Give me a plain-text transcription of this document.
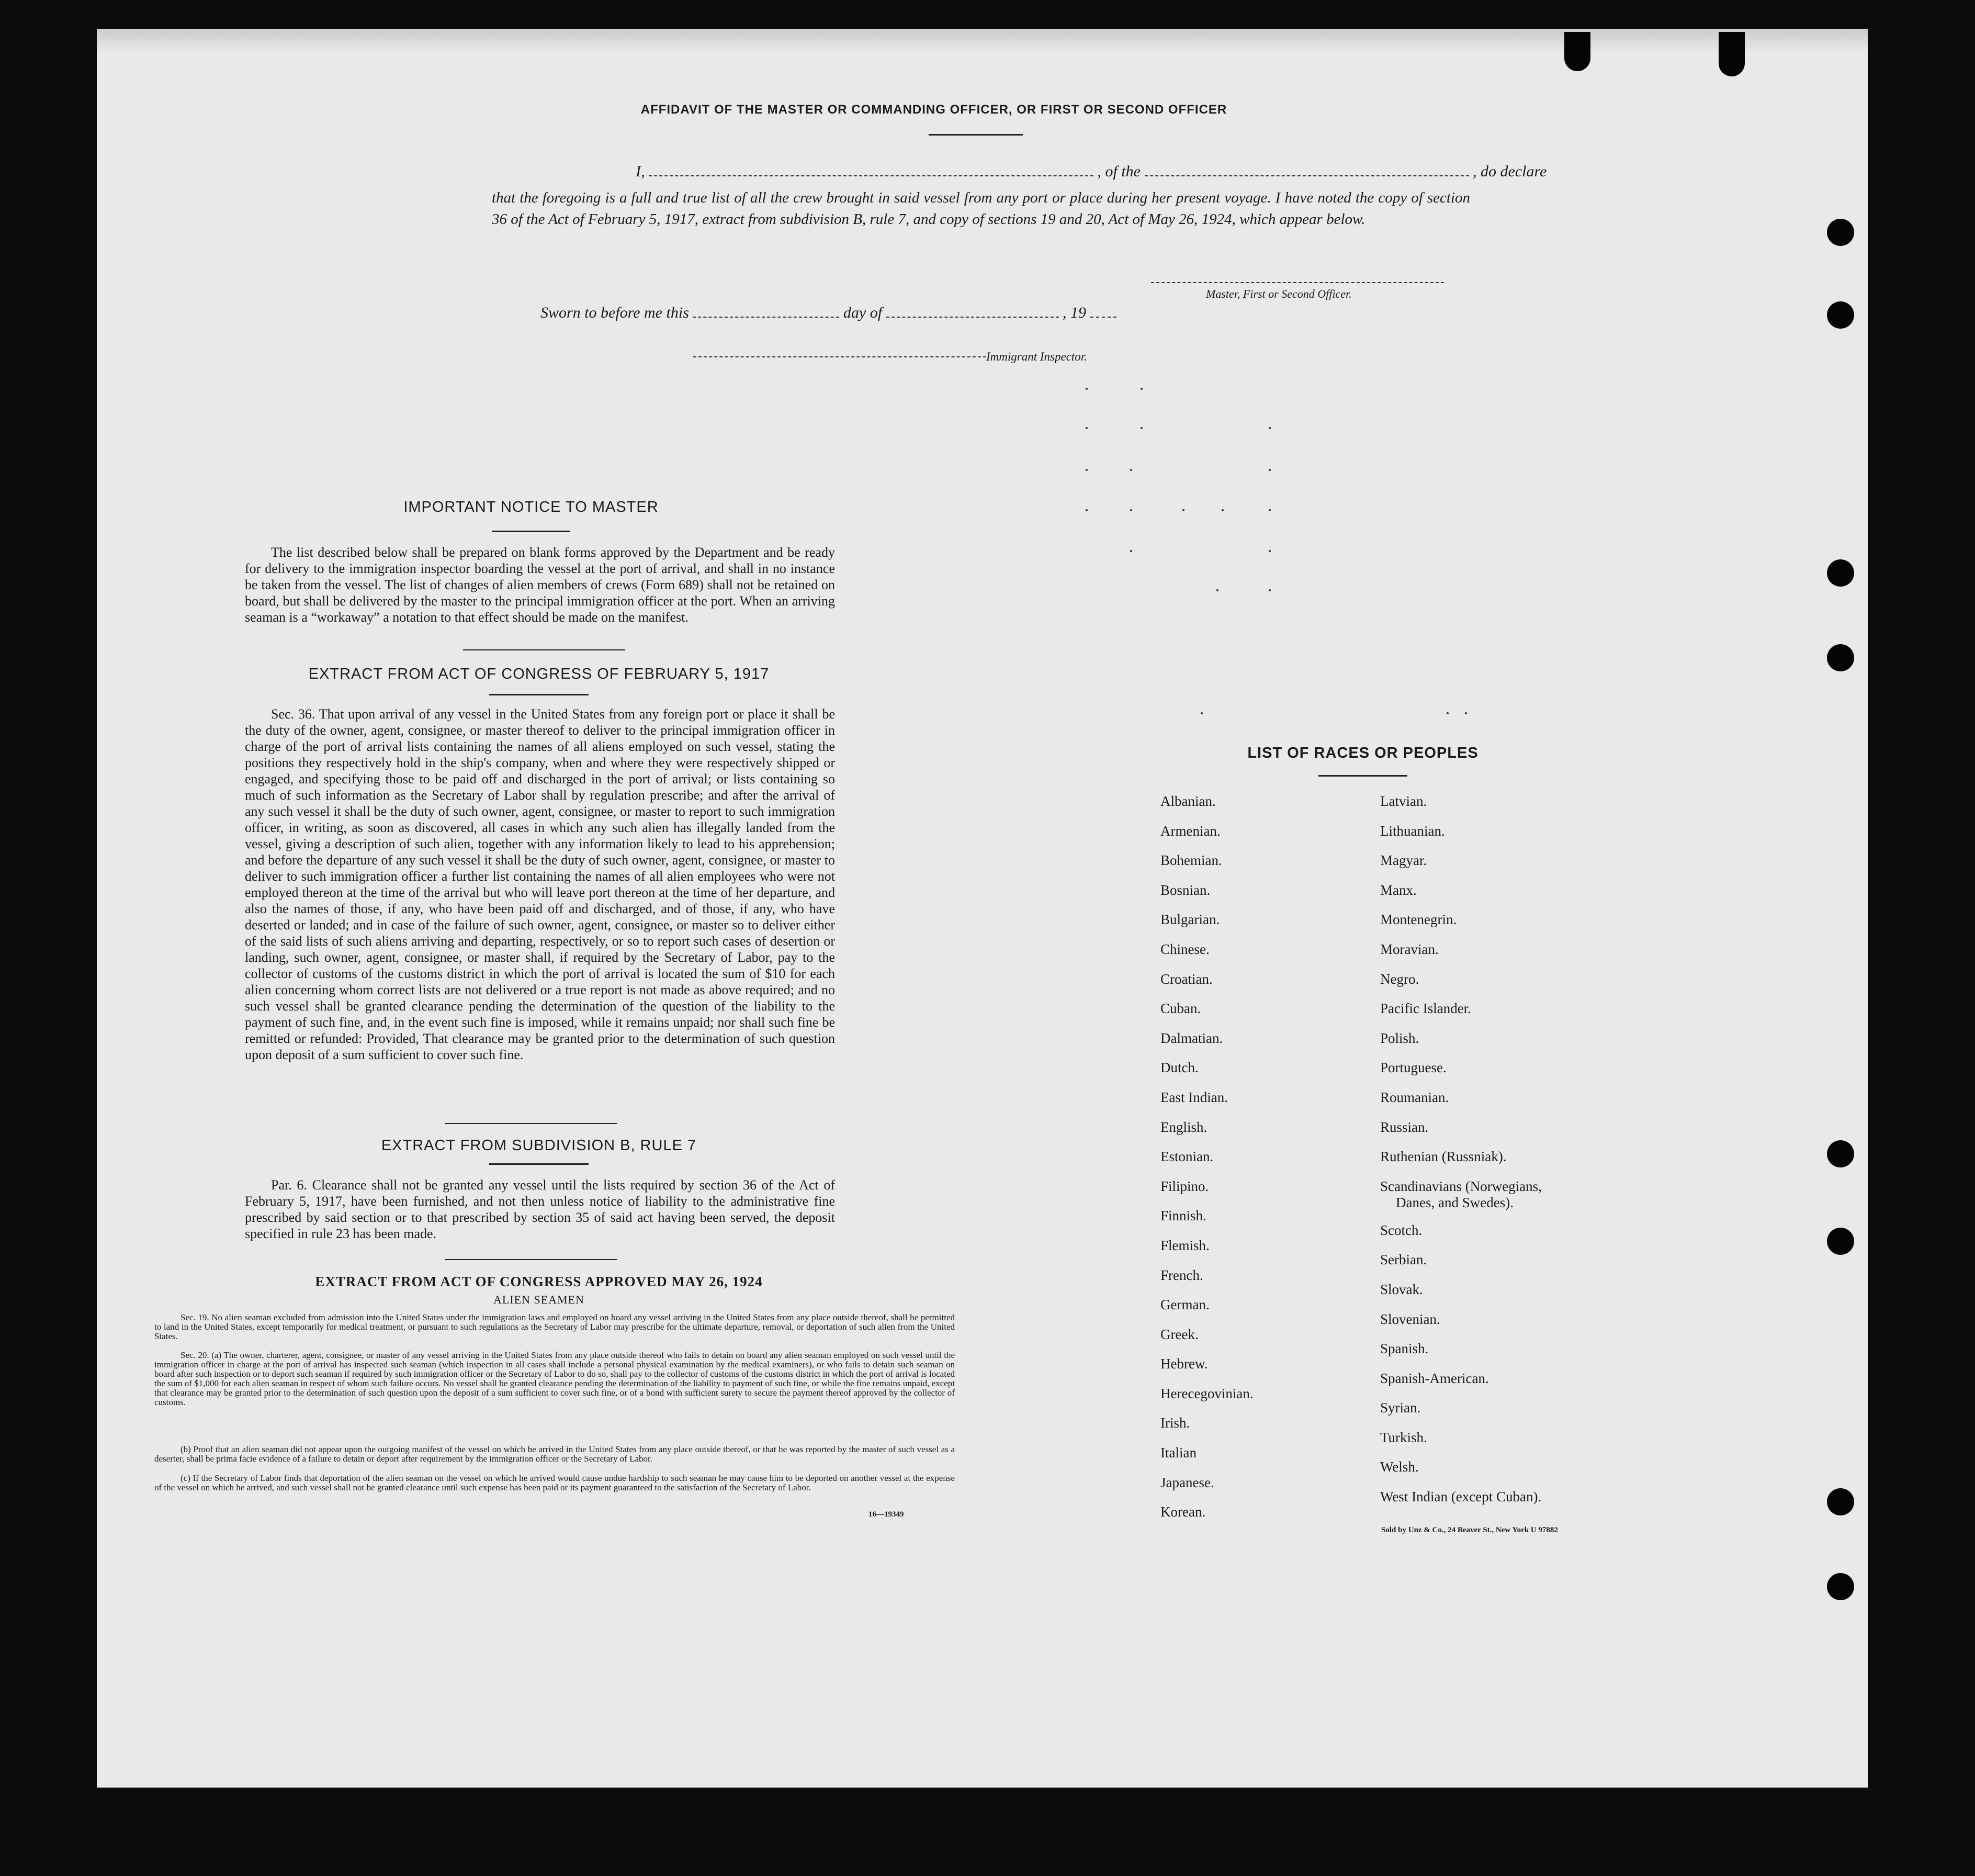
AFFIDAVIT OF THE MASTER OR COMMANDING OFFICER, OR FIRST OR SECOND OFFICER
I,	, of the	, do declare
that the foregoing is a full and true list of all the crew brought in said vessel from any port or place during her present voyage. I have noted the copy of section 36 of the Act of February 5, 1917, extract from subdivision B, rule 7, and copy of sections 19 and 20, Act of May 26, 1924, which appear below.
Master, First or Second Officer.
Sworn to before me this	day of	, 19
Immigrant Inspector.
IMPORTANT NOTICE TO MASTER
The list described below shall be prepared on blank forms approved by the Department and be ready for delivery to the immigration inspector boarding the vessel at the port of arrival, and shall in no instance be taken from the vessel. The list of changes of alien members of crews (Form 689) shall not be retained on board, but shall be delivered by the master to the principal immigration officer at the port. When an arriving seaman is a “workaway” a notation to that effect should be made on the manifest.
EXTRACT FROM ACT OF CONGRESS OF FEBRUARY 5, 1917
Sec. 36. That upon arrival of any vessel in the United States from any foreign port or place it shall be the duty of the owner, agent, consignee, or master thereof to deliver to the principal immigration officer in charge of the port of arrival lists containing the names of all aliens employed on such vessel, stating the positions they respectively hold in the ship's company, when and where they were respectively shipped or engaged, and specifying those to be paid off and discharged in the port of arrival; or lists containing so much of such information as the Secretary of Labor shall by regulation prescribe; and after the arrival of any such vessel it shall be the duty of such owner, agent, consignee, or master to report to such immigration officer, in writing, as soon as discovered, all cases in which any such alien has illegally landed from the vessel, giving a description of such alien, together with any information likely to lead to his apprehension; and before the departure of any such vessel it shall be the duty of such owner, agent, consignee, or master to deliver to such immigration officer a further list containing the names of all alien employees who were not employed thereon at the time of the arrival but who will leave port thereon at the time of her departure, and also the names of those, if any, who have been paid off and discharged, and of those, if any, who have deserted or landed; and in case of the failure of such owner, agent, consignee, or master so to deliver either of the said lists of such aliens arriving and departing, respectively, or so to report such cases of desertion or landing, such owner, agent, consignee, or master shall, if required by the Secretary of Labor, pay to the collector of customs of the customs district in which the port of arrival is located the sum of $10 for each alien concerning whom correct lists are not delivered or a true report is not made as above required; and no such vessel shall be granted clearance pending the determination of the question of the liability to the payment of such fine, and, in the event such fine is imposed, while it remains unpaid; nor shall such fine be remitted or refunded: Provided, That clearance may be granted prior to the determination of such question upon deposit of a sum sufficient to cover such fine.
EXTRACT FROM SUBDIVISION B, RULE 7
Par. 6. Clearance shall not be granted any vessel until the lists required by section 36 of the Act of February 5, 1917, have been furnished, and not then unless notice of liability to the administrative fine prescribed by said section or to that prescribed by section 35 of said act having been served, the deposit specified in rule 23 has been made.
EXTRACT FROM ACT OF CONGRESS APPROVED MAY 26, 1924
ALIEN SEAMEN
Sec. 19. No alien seaman excluded from admission into the United States under the immigration laws and employed on board any vessel arriving in the United States from any place outside thereof, shall be permitted to land in the United States, except temporarily for medical treatment, or pursuant to such regulations as the Secretary of Labor may prescribe for the ultimate departure, removal, or deportation of such alien from the United States.
Sec. 20. (a) The owner, charterer, agent, consignee, or master of any vessel arriving in the United States from any place outside thereof who fails to detain on board any alien seaman employed on such vessel until the immigration officer in charge at the port of arrival has inspected such seaman (which inspection in all cases shall include a personal physical examination by the medical examiners), or who fails to detain such seaman on board after such inspection or to deport such seaman if required by such immigration officer or the Secretary of Labor to do so, shall pay to the collector of customs of the customs district in which the port of arrival is located the sum of $1,000 for each alien seaman in respect of whom such failure occurs. No vessel shall be granted clearance pending the determination of the liability to payment of such fine, or while the fine remains unpaid, except that clearance may be granted prior to the determination of such question upon the deposit of a sum sufficient to cover such fine, or of a bond with sufficient surety to secure the payment thereof approved by the collector of customs.
(b) Proof that an alien seaman did not appear upon the outgoing manifest of the vessel on which he arrived in the United States from any place outside thereof, or that he was reported by the master of such vessel as a deserter, shall be prima facie evidence of a failure to detain or deport after requirement by the immigration officer or the Secretary of Labor.
(c) If the Secretary of Labor finds that deportation of the alien seaman on the vessel on which he arrived would cause undue hardship to such seaman he may cause him to be deported on another vessel at the expense of the vessel on which he arrived, and such vessel shall not be granted clearance until such expense has been paid or its payment guaranteed to the satisfaction of the Secretary of Labor.
16—19349
LIST OF RACES OR PEOPLES
Albanian.
Armenian.
Bohemian.
Bosnian.
Bulgarian.
Chinese.
Croatian.
Cuban.
Dalmatian.
Dutch.
East Indian.
English.
Estonian.
Filipino.
Finnish.
Flemish.
French.
German.
Greek.
Hebrew.
Herecegovinian.
Irish.
Italian
Japanese.
Korean.
Latvian.
Lithuanian.
Magyar.
Manx.
Montenegrin.
Moravian.
Negro.
Pacific Islander.
Polish.
Portuguese.
Roumanian.
Russian.
Ruthenian (Russniak).
Scandinavians (Norwegians,
Danes, and Swedes).
Scotch.
Serbian.
Slovak.
Slovenian.
Spanish.
Spanish-American.
Syrian.
Turkish.
Welsh.
West Indian (except Cuban).
Sold by Unz & Co., 24 Beaver St., New York U 97882
